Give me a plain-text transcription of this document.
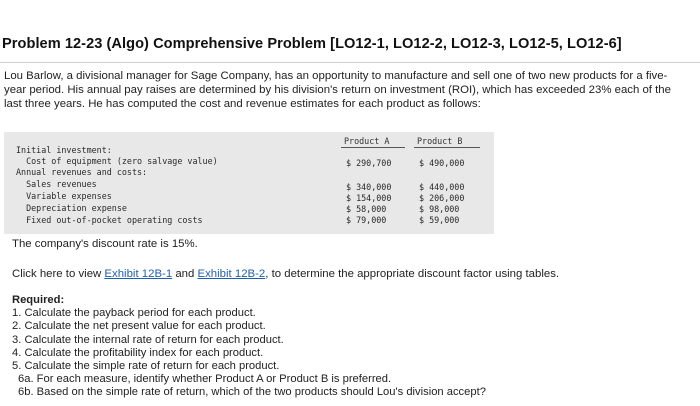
Problem 12-23 (Algo) Comprehensive Problem [LO12-1, LO12-2, LO12-3, LO12-5, LO12-6]
Lou Barlow, a divisional manager for Sage Company, has an opportunity to manufacture and sell one of two new products for a five-
year period. His annual pay raises are determined by his division's return on investment (ROI), which has exceeded 23% each of the
last three years. He has computed the cost and revenue estimates for each product as follows:
Product A	Product B
Initial investment:
Cost of equipment (zero salvage value)
Annual revenues and costs:
Sales revenues
Variable expenses
Depreciation expense
Fixed out-of-pocket operating costs
$ 290,700
$ 340,000
$ 154,000
$ 58,000
$ 79,000
$ 490,000
$ 440,000
$ 206,000
$ 98,000
$ 59,000
The company's discount rate is 15%.
Click here to view Exhibit 12B-1 and Exhibit 12B-2, to determine the appropriate discount factor using tables.
Required:
1. Calculate the payback period for each product.
2. Calculate the net present value for each product.
3. Calculate the internal rate of return for each product.
4. Calculate the profitability index for each product.
5. Calculate the simple rate of return for each product.
6a. For each measure, identify whether Product A or Product B is preferred.
6b. Based on the simple rate of return, which of the two products should Lou's division accept?
